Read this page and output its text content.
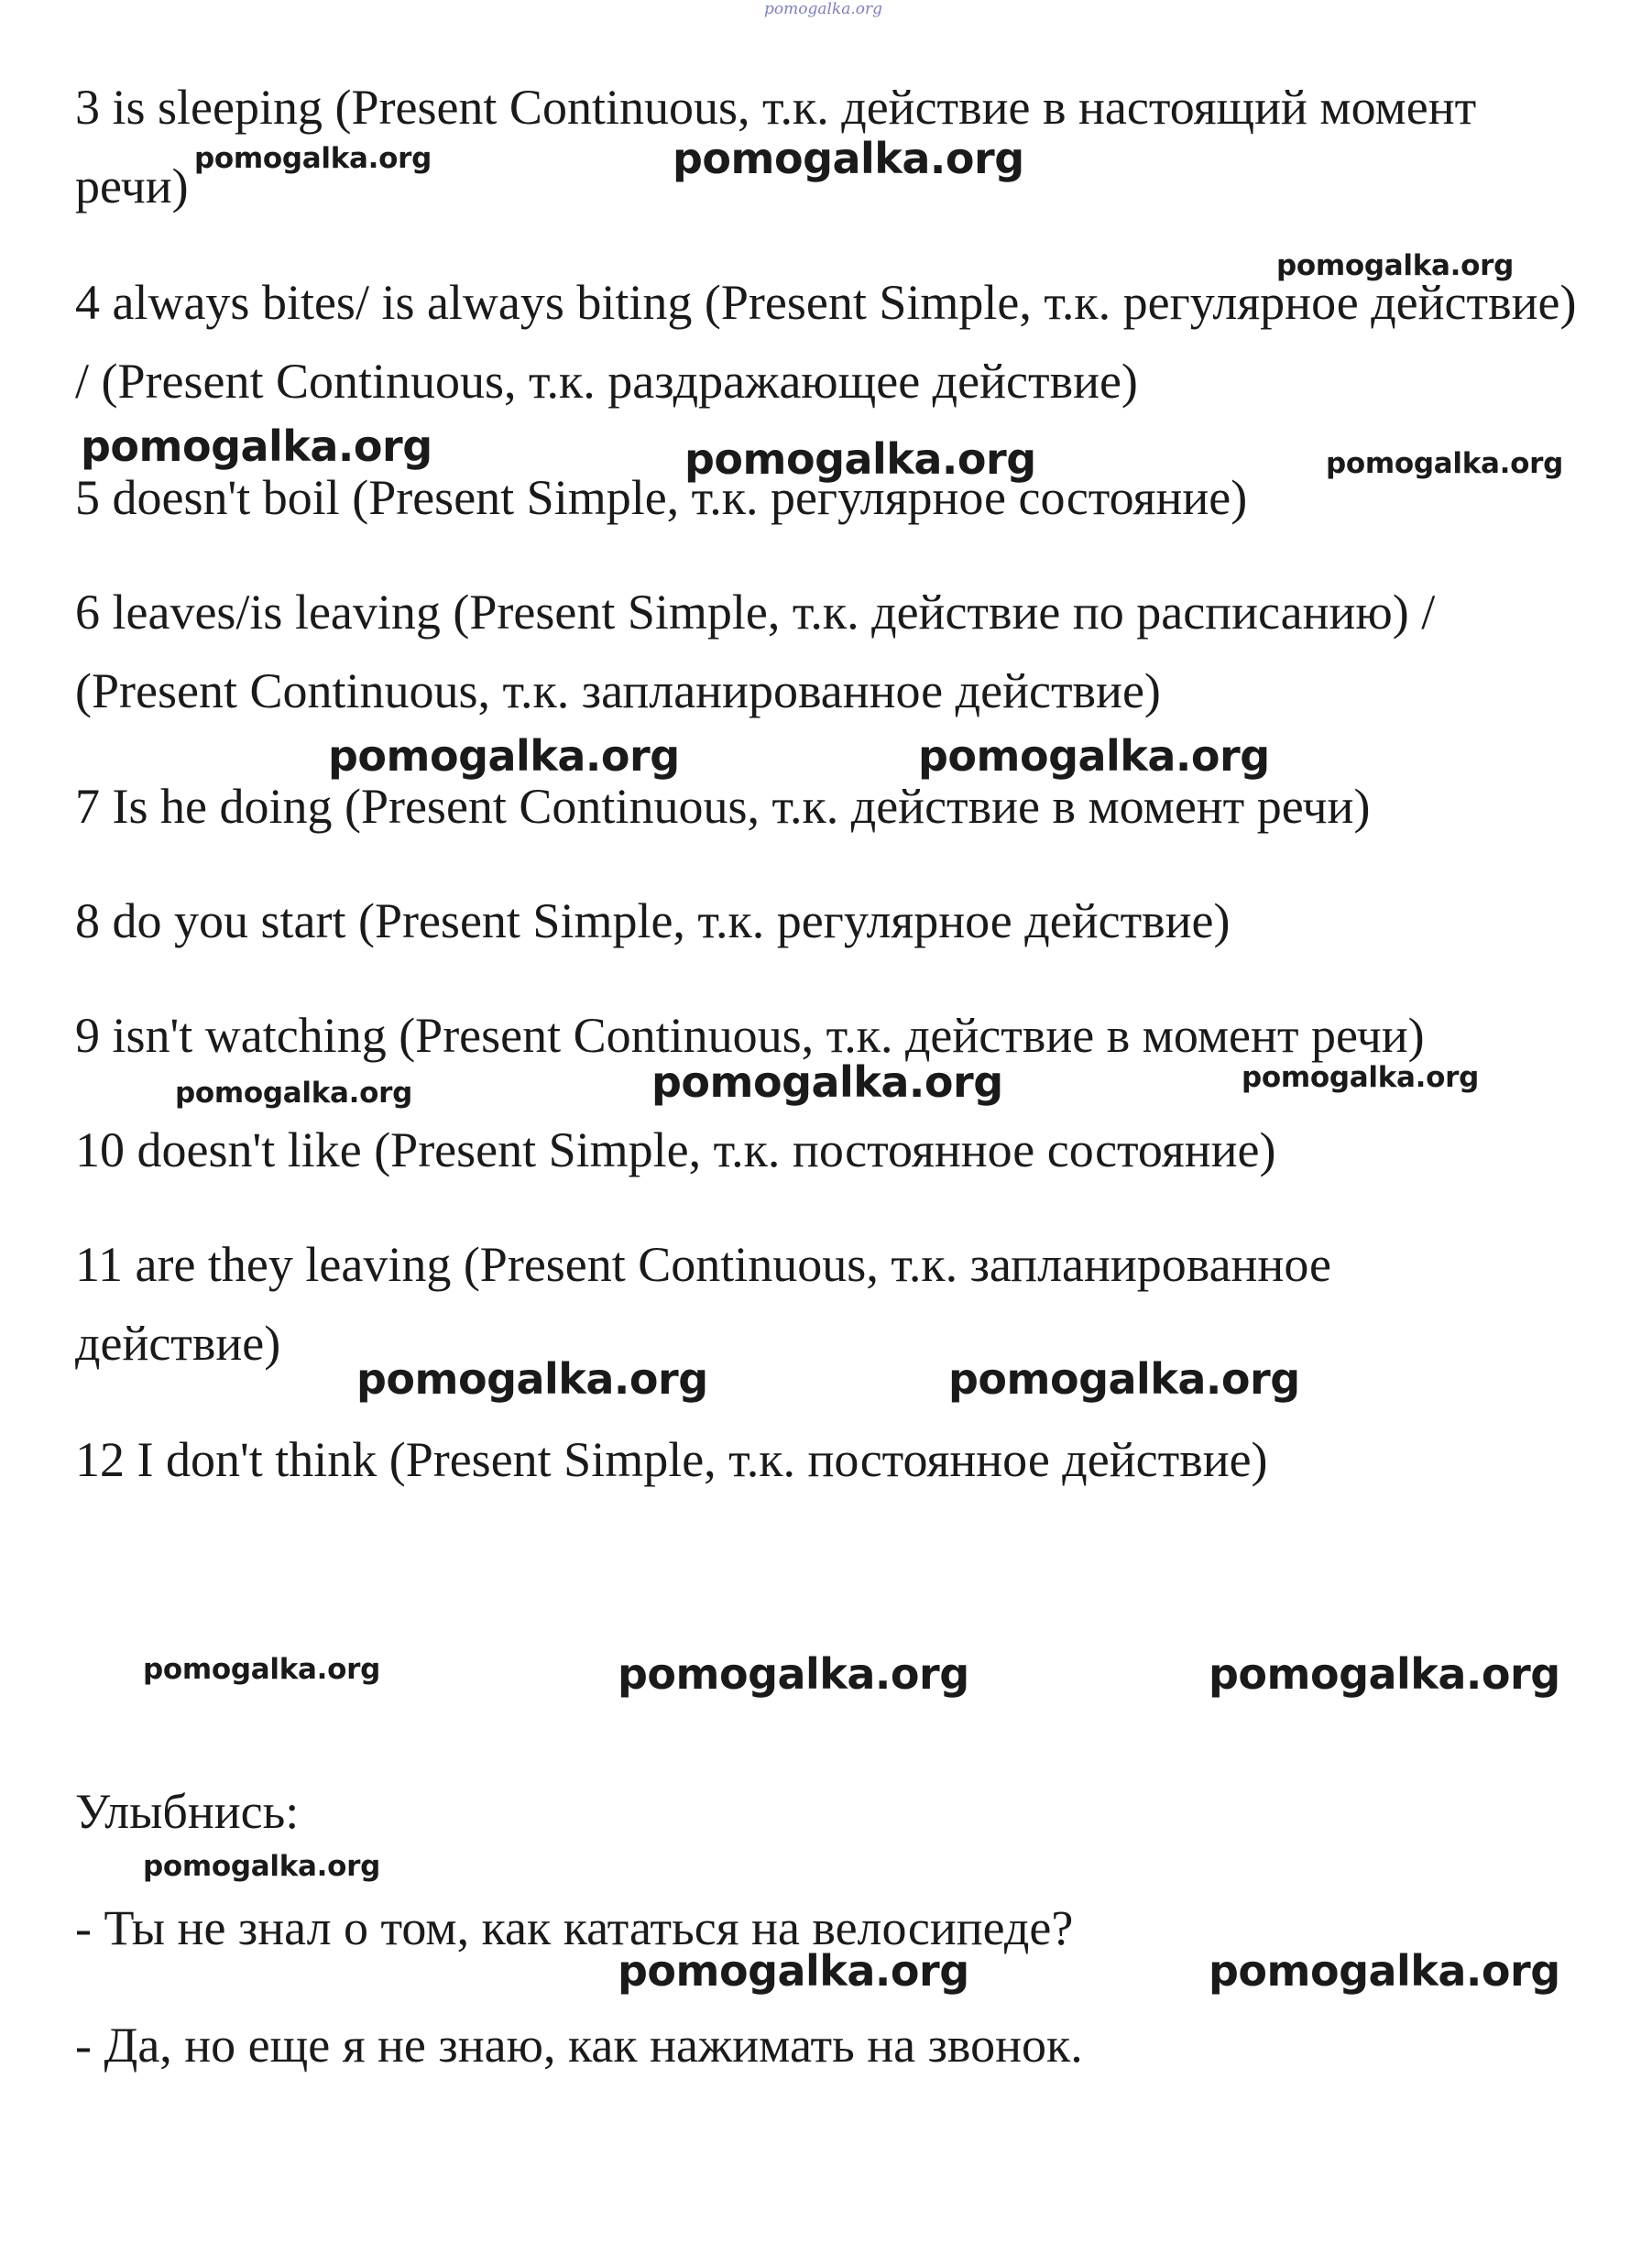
pomogalka.org

3 is sleeping (Present Continuous, т.к. действие в настоящий момент речи)

4 always bites/ is always biting (Present Simple, т.к. регулярное действие) / (Present Continuous, т.к. раздражающее действие)

5 doesn't boil (Present Simple, т.к. регулярное состояние)

6 leaves/is leaving (Present Simple, т.к. действие по расписанию) / (Present Continuous, т.к. запланированное действие)

7 Is he doing (Present Continuous, т.к. действие в момент речи)

8 do you start (Present Simple, т.к. регулярное действие)

9 isn't watching (Present Continuous, т.к. действие в момент речи)

10 doesn't like (Present Simple, т.к. постоянное состояние)

11 are they leaving (Present Continuous, т.к. запланированное действие)

12 I don't think (Present Simple, т.к. постоянное действие)

Улыбнись:

- Ты не знал о том, как кататься на велосипеде?

- Да, но еще я не знаю, как нажимать на звонок.

pomogalka.org	pomogalka.org
pomogalka.org
pomogalka.org	pomogalka.org	pomogalka.org
pomogalka.org	pomogalka.org
pomogalka.org	pomogalka.org	pomogalka.org
pomogalka.org	pomogalka.org
pomogalka.org	pomogalka.org	pomogalka.org
pomogalka.org
pomogalka.org	pomogalka.org
